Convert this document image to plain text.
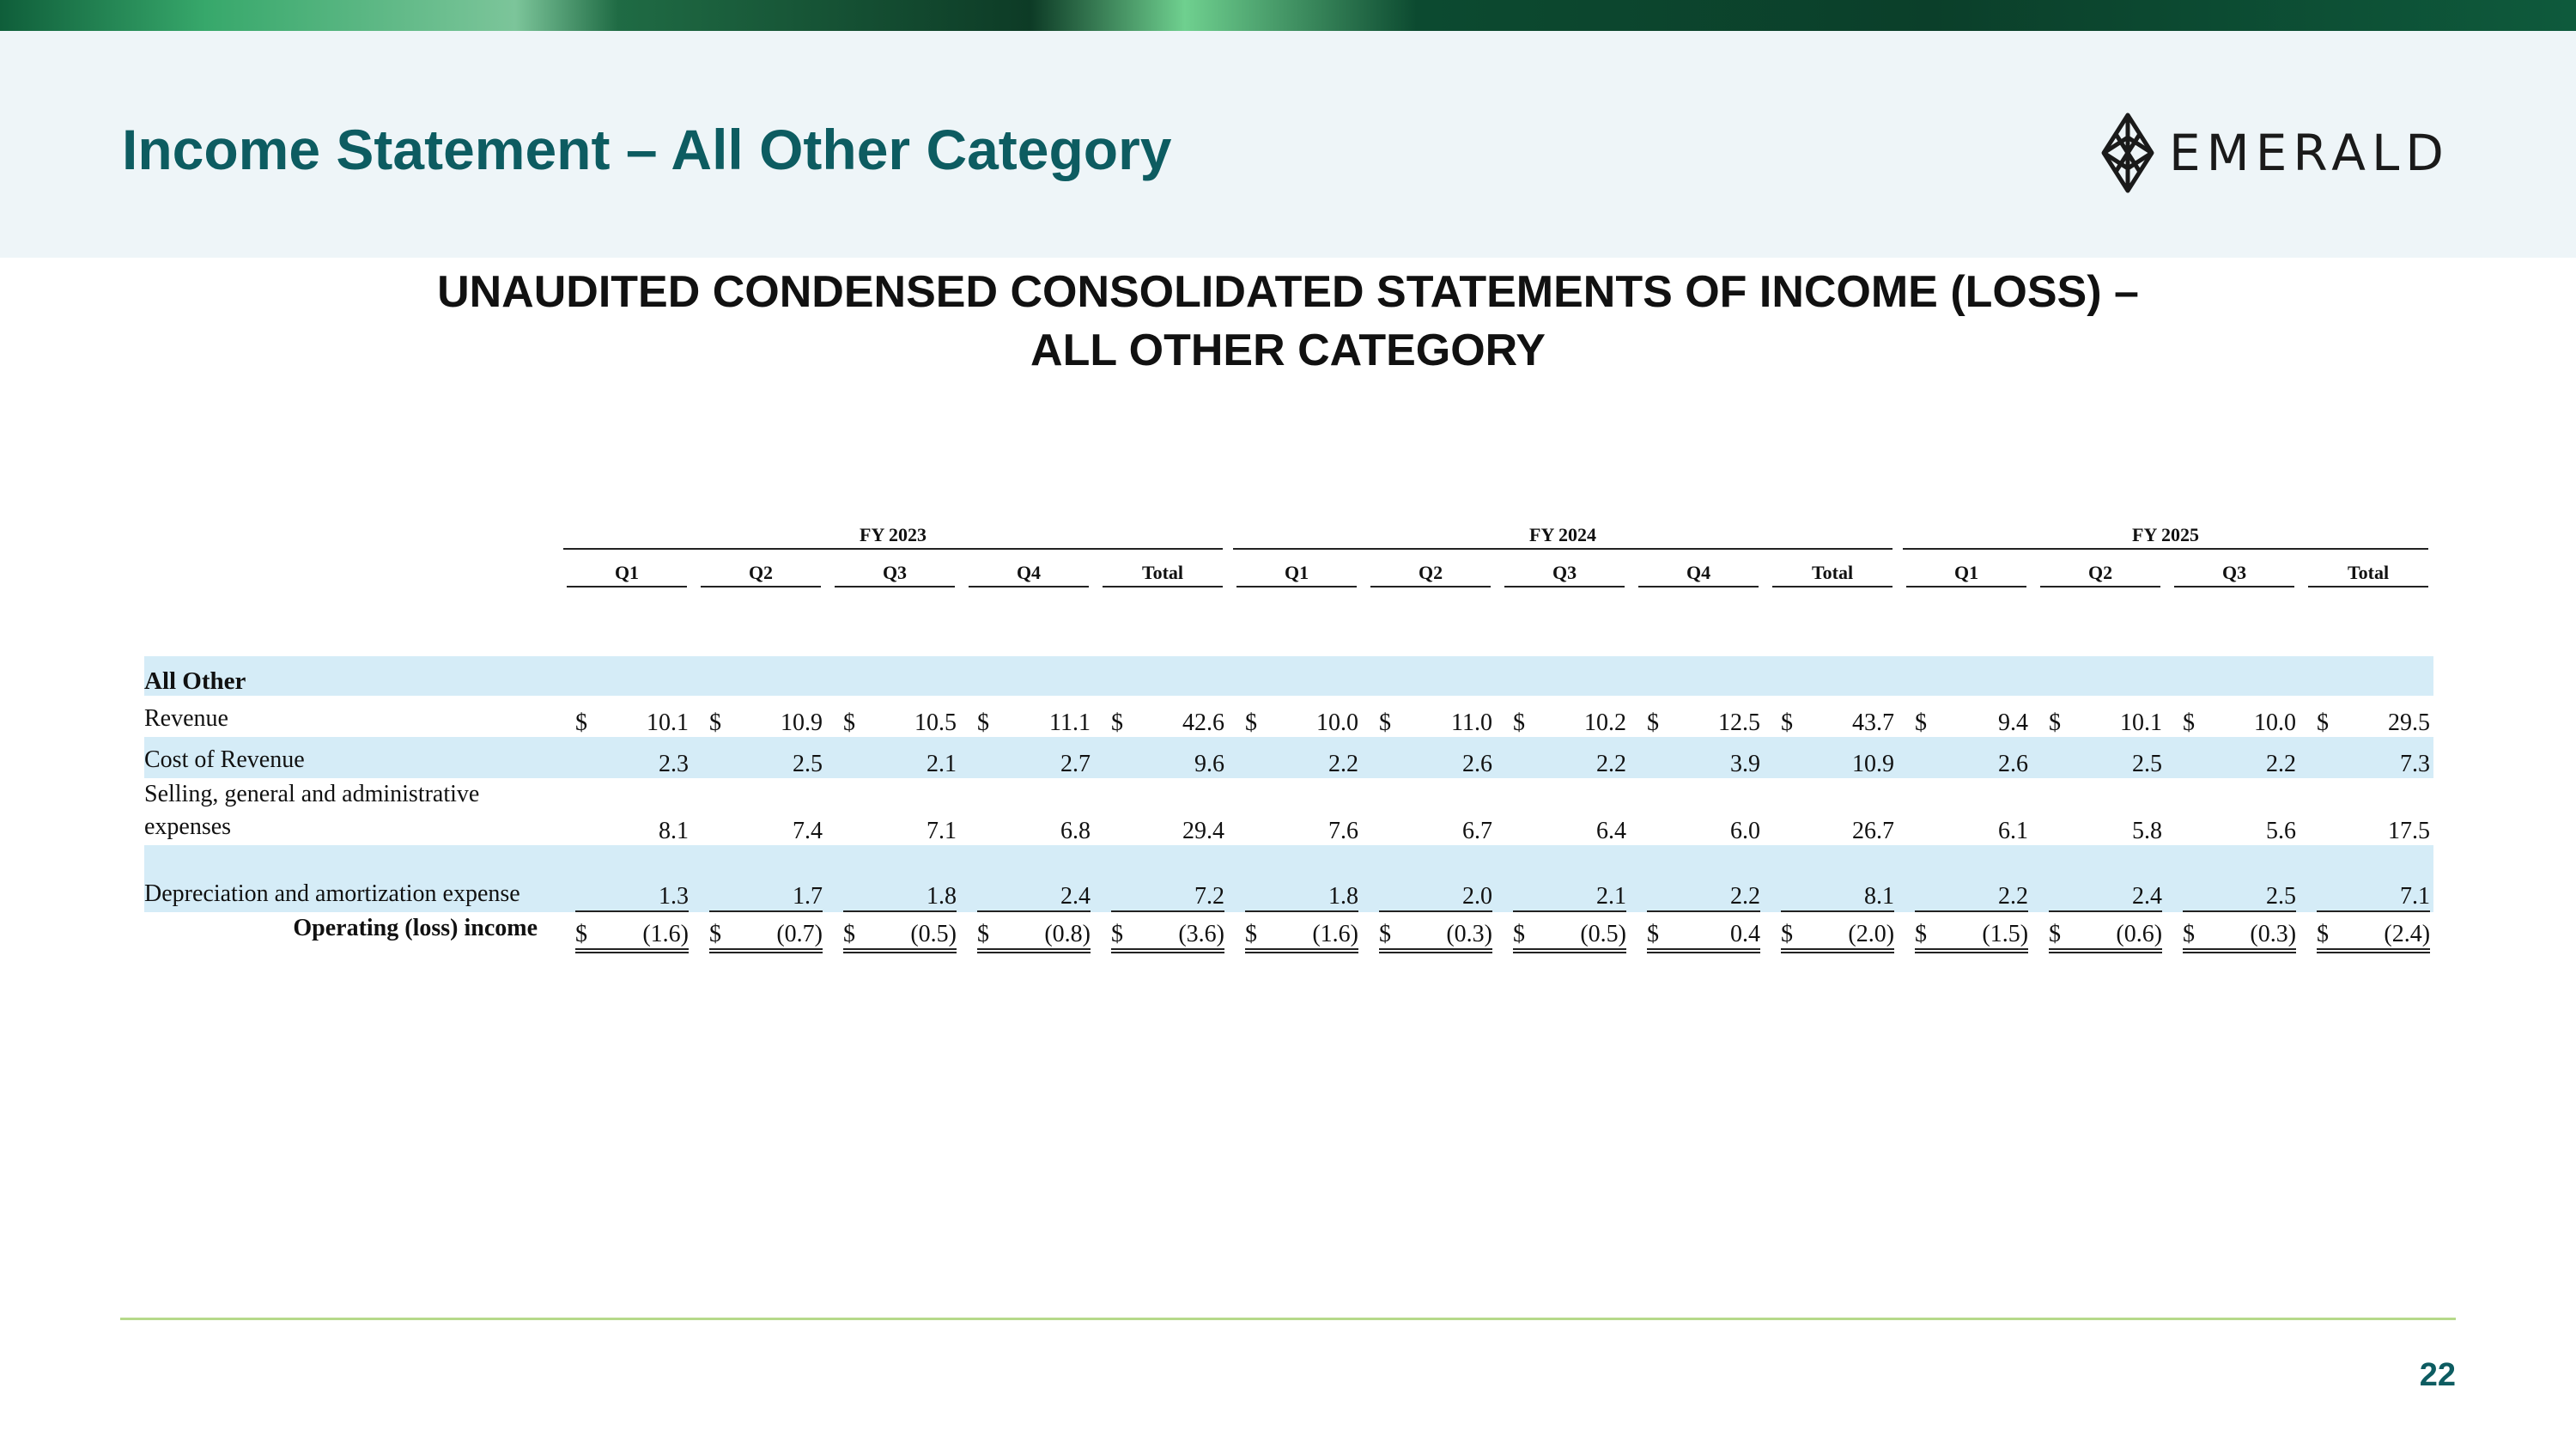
Income Statement – All Other Category	EMERALD
UNAUDITED CONDENSED CONSOLIDATED STATEMENTS OF INCOME (LOSS) –
ALL OTHER CATEGORY

	FY 2023					FY 2024					FY 2025			

	Q1	Q2	Q3	Q4	Total	Q1	Q2	Q3	Q4	Total	Q1	Q2	Q3	Total

All Other														
Revenue	$ 10.1	$ 10.9	$ 10.5	$ 11.1	$ 42.6	$ 10.0	$ 11.0	$ 10.2	$ 12.5	$ 43.7	$ 9.4	$ 10.1	$ 10.0	$ 29.5

Cost of Revenue	2.3	2.5	2.1	2.7	9.6	2.2	2.6	2.2	3.9	10.9	2.6	2.5	2.2	7.3

Selling, general and administrative expenses	8.1	7.4	7.1	6.8	29.4	7.6	6.7	6.4	6.0	26.7	6.1	5.8	5.6	17.5

Depreciation and amortization expense	1.3	1.7	1.8	2.4	7.2	1.8	2.0	2.1	2.2	8.1	2.2	2.4	2.5	7.1

Operating (loss) income	$ (1.6)	$ (0.7)	$ (0.5)	$ (0.8)	$ (3.6)	$ (1.6)	$ (0.3)	$ (0.5)	$ 0.4	$ (2.0)	$ (1.5)	$ (0.6)	$ (0.3)	$ (2.4)
22
